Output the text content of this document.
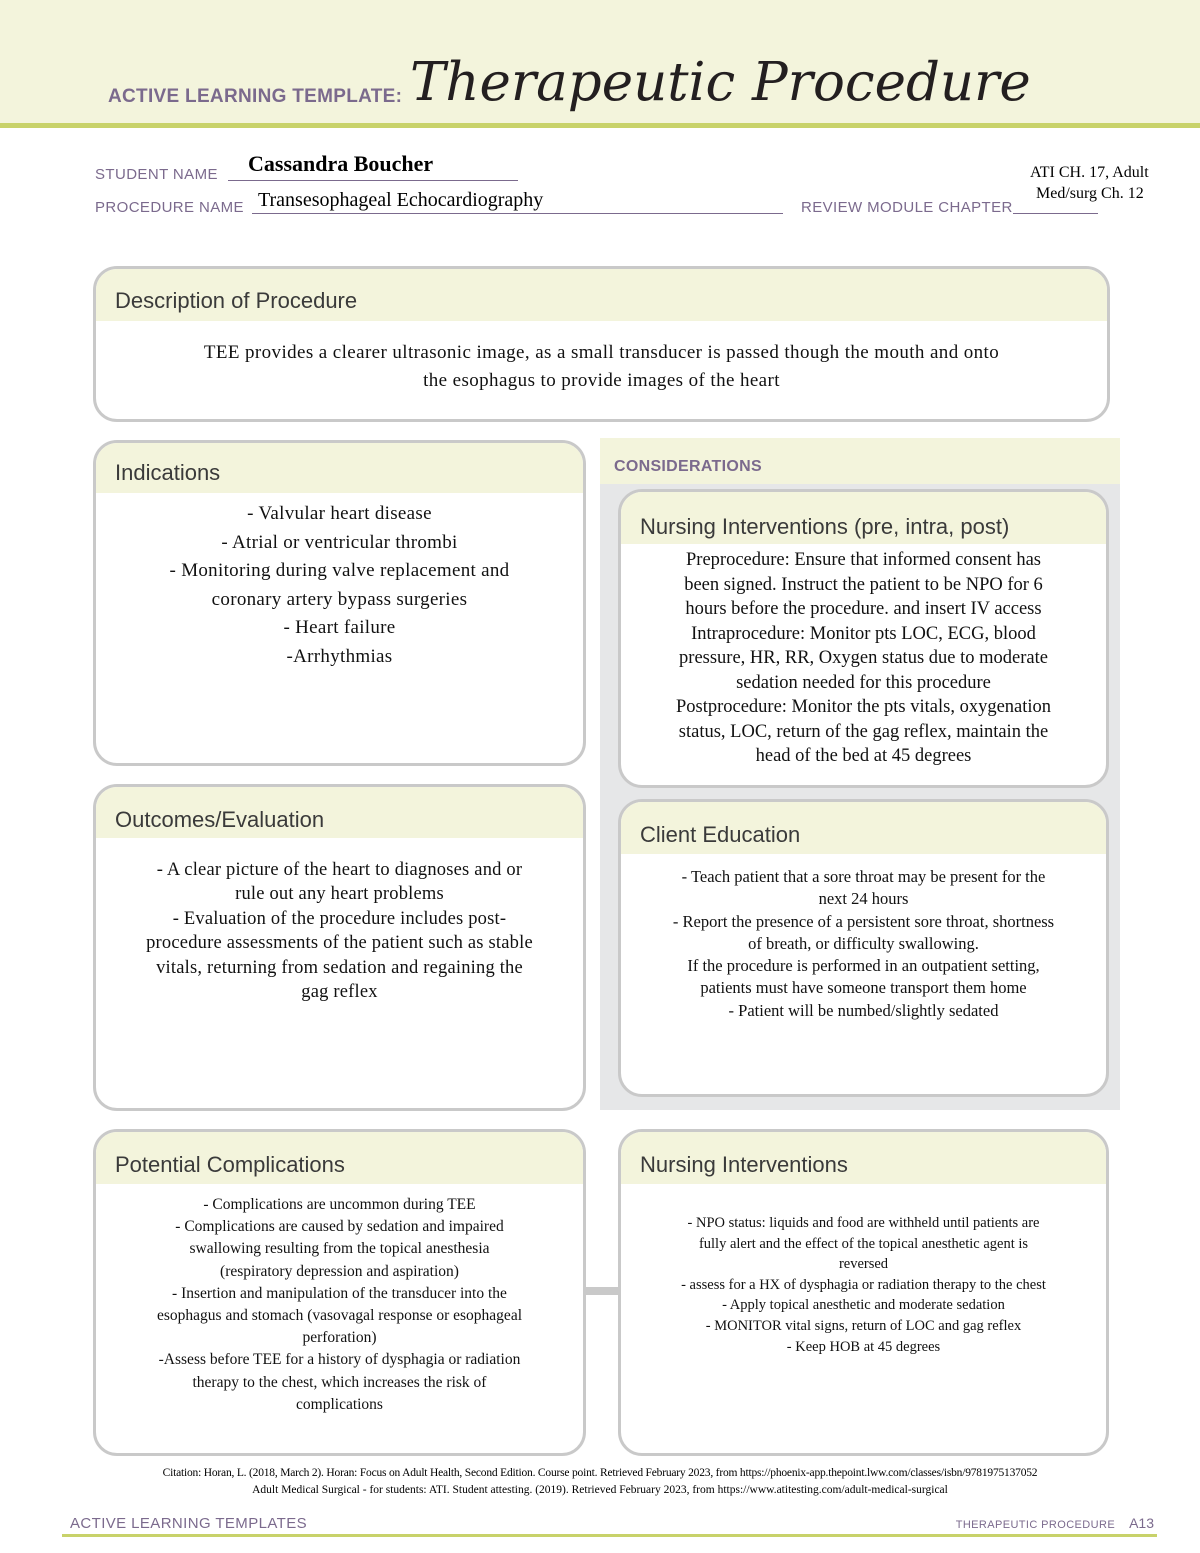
ACTIVE LEARNING TEMPLATE: Therapeutic Procedure
STUDENT NAME Cassandra Boucher
PROCEDURE NAME Transesophageal Echocardiography	REVIEW MODULE CHAPTER
ATI CH. 17, Adult
Med/surg Ch. 12
Description of Procedure
TEE provides a clearer ultrasonic image, as a small transducer is passed though the mouth and onto
the esophagus to provide images of the heart
Indications
- Valvular heart disease
- Atrial or ventricular thrombi
- Monitoring during valve replacement and
coronary artery bypass surgeries
- Heart failure
-Arrhythmias
CONSIDERATIONS
Nursing Interventions (pre, intra, post)
Preprocedure: Ensure that informed consent has
been signed. Instruct the patient to be NPO for 6
hours before the procedure. and insert IV access
Intraprocedure: Monitor pts LOC, ECG, blood
pressure, HR, RR, Oxygen status due to moderate
sedation needed for this procedure
Postprocedure: Monitor the pts vitals, oxygenation
status, LOC, return of the gag reflex, maintain the
head of the bed at 45 degrees
Client Education
- Teach patient that a sore throat may be present for the
next 24 hours
- Report the presence of a persistent sore throat, shortness
of breath, or difficulty swallowing.
If the procedure is performed in an outpatient setting,
patients must have someone transport them home
- Patient will be numbed/slightly sedated
Outcomes/Evaluation
- A clear picture of the heart to diagnoses and or
rule out any heart problems
- Evaluation of the procedure includes post-
procedure assessments of the patient such as stable
vitals, returning from sedation and regaining the
gag reflex
Potential Complications
- Complications are uncommon during TEE
- Complications are caused by sedation and impaired
swallowing resulting from the topical anesthesia
(respiratory depression and aspiration)
- Insertion and manipulation of the transducer into the
esophagus and stomach (vasovagal response or esophageal
perforation)
-Assess before TEE for a history of dysphagia or radiation
therapy to the chest, which increases the risk of
complications
Nursing Interventions
- NPO status: liquids and food are withheld until patients are
fully alert and the effect of the topical anesthetic agent is
reversed
- assess for a HX of dysphagia or radiation therapy to the chest
- Apply topical anesthetic and moderate sedation
- MONITOR vital signs, return of LOC and gag reflex
- Keep HOB at 45 degrees
Citation: Horan, L. (2018, March 2). Horan: Focus on Adult Health, Second Edition. Course point. Retrieved February 2023, from https://phoenix-app.thepoint.lww.com/classes/isbn/9781975137052
Adult Medical Surgical - for students: ATI. Student attesting. (2019). Retrieved February 2023, from https://www.atitesting.com/adult-medical-surgical
ACTIVE LEARNING TEMPLATES	THERAPEUTIC PROCEDURE A13
